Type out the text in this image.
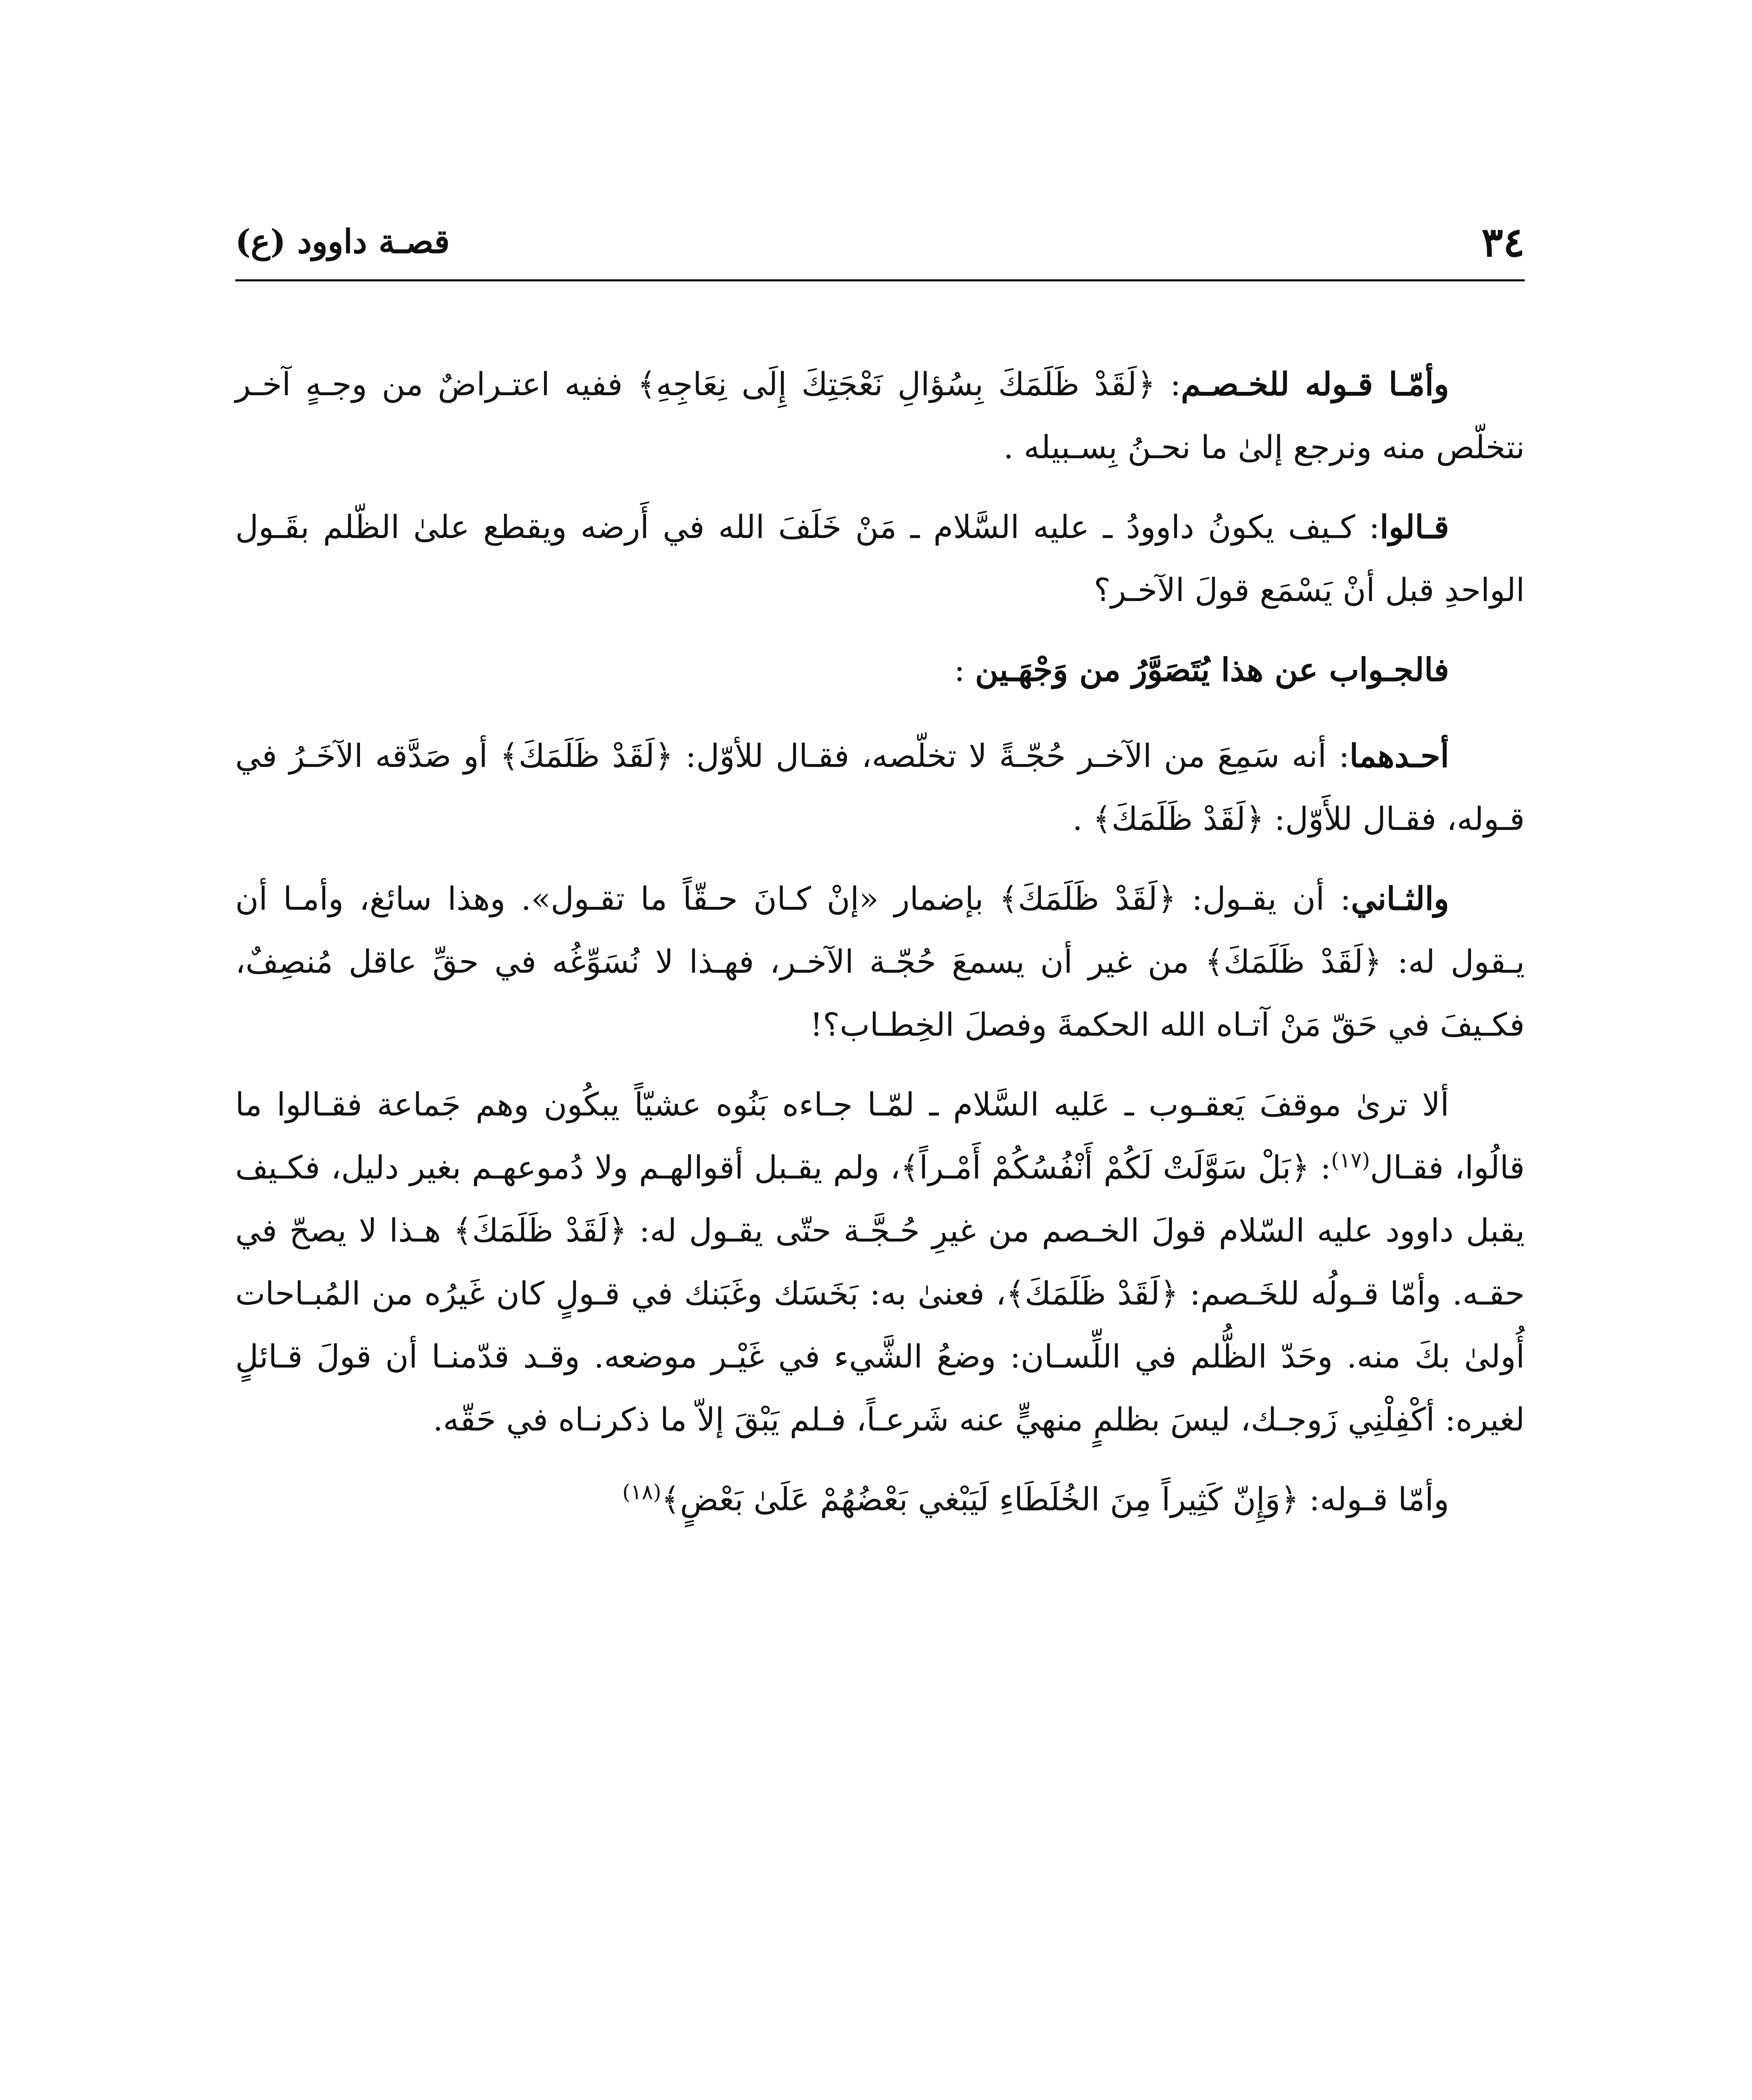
٣٤
قصـة داوود (ع)

وأمّـا قـوله للخـصـم: ﴿لَقَدْ ظَلَمَكَ بِسُؤالِ نَعْجَتِكَ إِلَى نِعَاجِهِ﴾ ففيه اعتـراضٌ من وجـهٍ آخـر نتخلّص منه ونرجع إلىٰ ما نحـنُ بِسـبيله .

قـالوا: كـيف يكونُ داوودُ ـ عليه السَّلام ـ مَنْ خَلَفَ الله في أَرضه ويقطع علىٰ الظّلم بقَـول الواحدِ قبل أنْ يَسْمَع قولَ الآخـر؟

فالجـواب عن هذا يُتَصَوَّرُ من وَجْهَـين :

أحـدهما: أنه سَمِعَ من الآخـر حُجّـةً لا تخلّصه، فقـال للأوّل: ﴿لَقَدْ ظَلَمَكَ﴾ أو صَدَّقه الآخَـرُ في قـوله، فقـال للأَوّل: ﴿لَقَدْ ظَلَمَكَ﴾ .

والثـاني: أن يقـول: ﴿لَقَدْ ظَلَمَكَ﴾ بإضمار «إنْ كـانَ حـقّاً ما تقـول». وهذا سائغ، وأمـا أن يـقول له: ﴿لَقَدْ ظَلَمَكَ﴾ من غير أن يسمعَ حُجّـة الآخـر، فهـذا لا نُسَوِّغُه في حقِّ عاقل مُنصِفٌ، فكـيفَ في حَقّ مَنْ آتـاه الله الحكمةَ وفصلَ الخِطـاب؟!

ألا ترىٰ موقفَ يَعقـوب ـ عَليه السَّلام ـ لمّـا جـاءه بَنُوه عشيّاً يبكُون وهم جَماعة فقـالوا ما قالُوا، فقـال$^{(١٧)}$: ﴿بَلْ سَوَّلَتْ لَكُمْ أَنْفُسُكُمْ أَمْـراً﴾، ولم يقـبل أقوالهـم ولا دُموعهـم بغير دليل، فكـيف يقبل داوود عليه السّلام قولَ الخـصم من غيرِ حُـجَّـة حتّى يقـول له: ﴿لَقَدْ ظَلَمَكَ﴾ هـذا لا يصحّ في حقـه. وأمّا قـولُه للخَـصم: ﴿لَقَدْ ظَلَمَكَ﴾، فعنىٰ به: بَخَسَك وغَبَنك في قـولٍ كان غَيرُه من المُبـاحات أُولىٰ بكَ منه. وحَدّ الظُّلم في اللِّسـان: وضعُ الشَّيء في غَيْـر موضعه. وقـد قدّمنـا أن قولَ قـائلٍ لغيره: أكْفِلْنِي زَوجـك، ليسَ بظلمٍ منهيٍّ عنه شَرعـاً، فـلم يَبْقَ إلاّ ما ذكرنـاه في حَقّه.

وأمّا قـوله: ﴿وَإِنّ كَثِيراً مِنَ الخُلَطَاءِ لَيَبْغي بَعْضُهُمْ عَلَىٰ بَعْضٍ﴾$^{(١٨)}$
